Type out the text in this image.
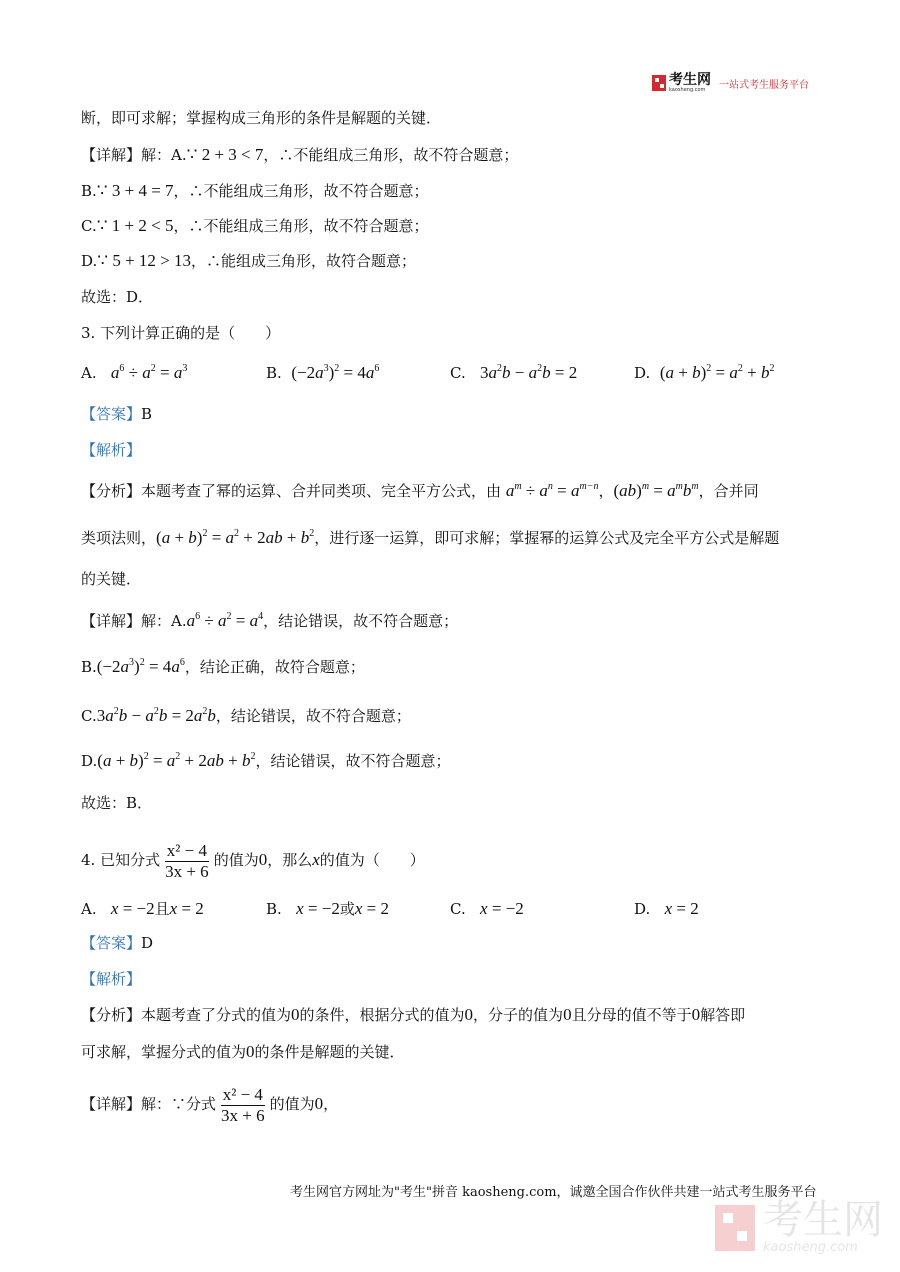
考生网
kaosheng.com	一站式考生服务平台
断，即可求解；掌握构成三角形的条件是解题的关键．
【详解】解：A.∵ 2 + 3 < 7，∴不能组成三角形，故不符合题意；
B.∵ 3 + 4 = 7，∴不能组成三角形，故不符合题意；
C.∵ 1 + 2 < 5，∴不能组成三角形，故不符合题意；
D.∵ 5 + 12 > 13，∴能组成三角形，故符合题意；
故选：D．
3. 下列计算正确的是（　　）
A. $a^6 \div a^2 = a^3$	B. $(-2a^3)^2 = 4a^6$	C. $3a^2b - a^2b = 2$	D. $(a + b)^2 = a^2 + b^2$
【答案】B
【解析】
【分析】本题考查了幂的运算、合并同类项、完全平方公式，由 $a^m \div a^n = a^{m-n}$，$(ab)^m = a^mb^m$，合并同
类项法则，$(a + b)^2 = a^2 + 2ab + b^2$，进行逐一运算，即可求解；掌握幂的运算公式及完全平方公式是解题
的关键．
【详解】解：$A.a^6 \div a^2 = a^4$，结论错误，故不符合题意；
$B.(-2a^3)^2 = 4a^6$，结论正确，故符合题意；
$C.3a^2b - a^2b = 2a^2b$，结论错误，故不符合题意；
$D.(a + b)^2 = a^2 + 2ab + b^2$，结论错误，故不符合题意；
故选：B．
4. 已知分式 $\frac{\text{x² − 4}}{3x + 6}$ 的值为0，那么x的值为（　　）
A. x = −2且x = 2	B. x = −2或x = 2	C. x = −2	D. x = 2
【答案】D
【解析】
【分析】本题考查了分式的值为0的条件，根据分式的值为0，分子的值为0且分母的值不等于0解答即
可求解，掌握分式的值为0的条件是解题的关键．
【详解】解：∵分式 $\frac{\text{x² − 4}}{3x + 6}$ 的值为0，
考生网官方网址为"考生"拼音 kaosheng.com，诚邀全国合作伙伴共建一站式考生服务平台
考生网
kaosheng.com
